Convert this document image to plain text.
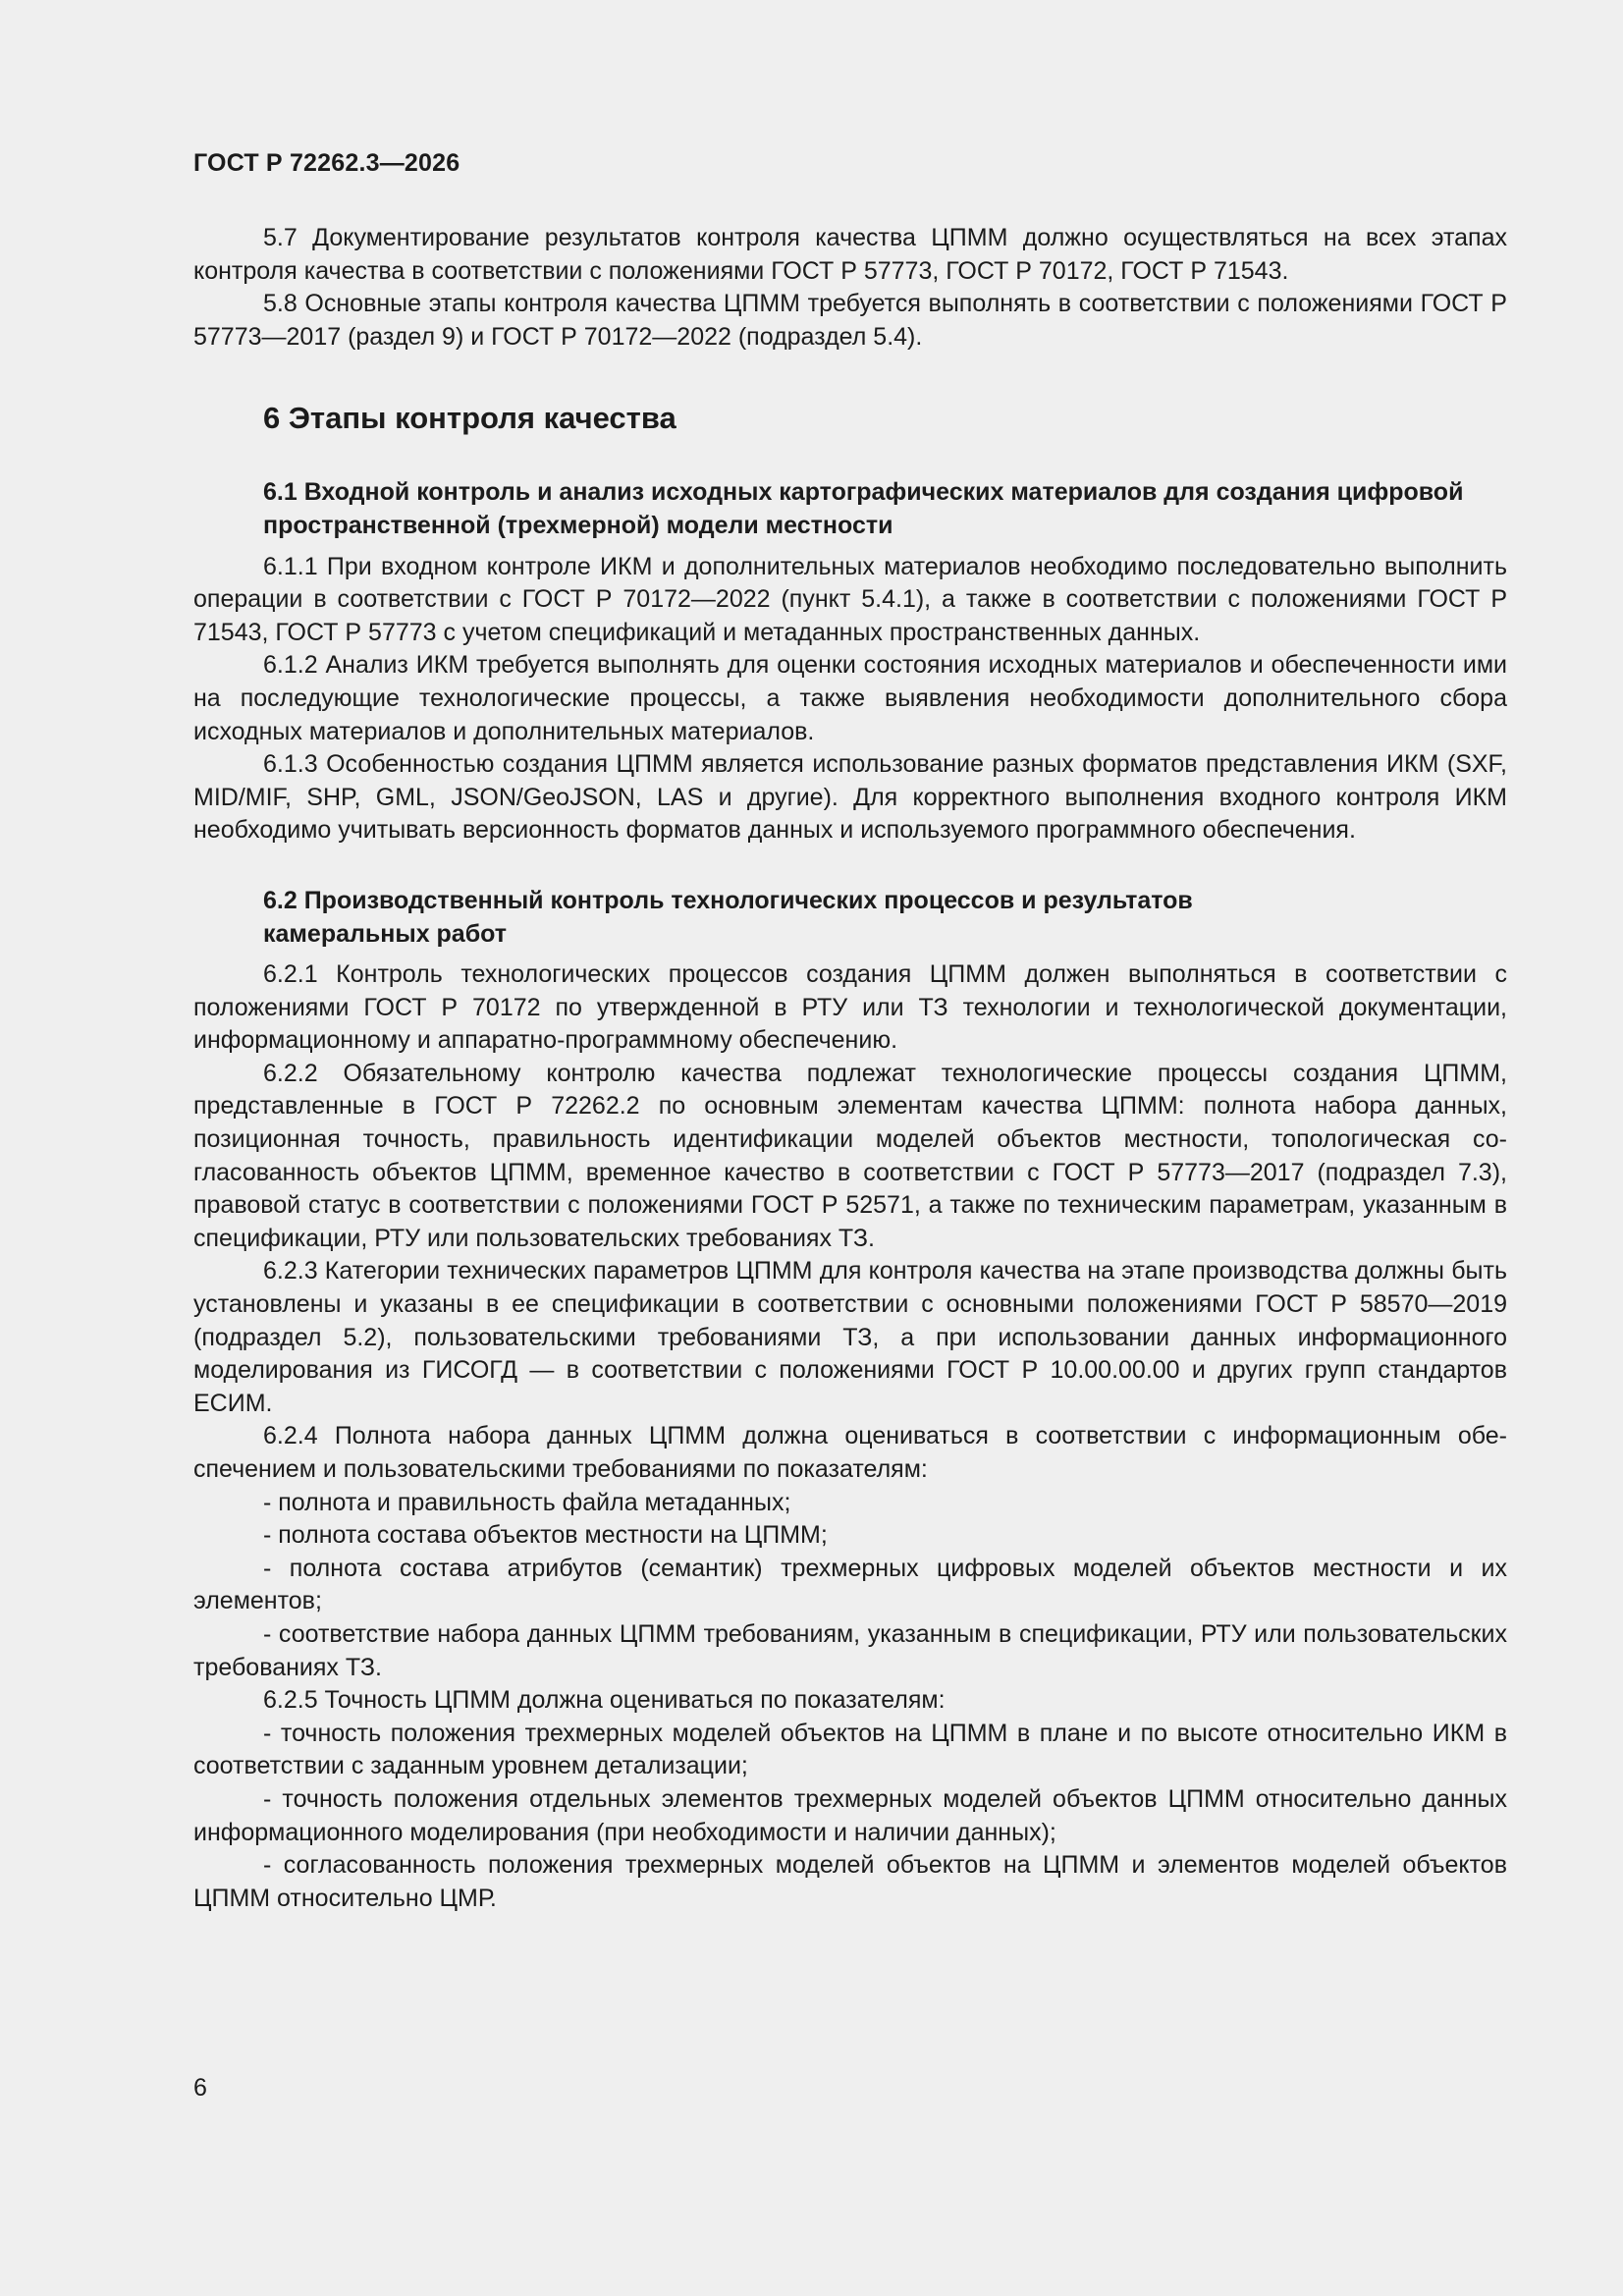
ГОСТ Р 72262.3—2026

5.7 Документирование результатов контроля качества ЦПММ должно осуществляться на всех этапах контроля качества в соответствии с положениями ГОСТ Р 57773, ГОСТ Р 70172, ГОСТ Р 71543.

5.8 Основные этапы контроля качества ЦПММ требуется выполнять в соответствии с положениями ГОСТ Р 57773—2017 (раздел 9) и ГОСТ Р 70172—2022 (подраздел 5.4).

6 Этапы контроля качества
6.1 Входной контроль и анализ исходных картографических материалов для создания цифровой пространственной (трехмерной) модели местности

6.1.1 При входном контроле ИКМ и дополнительных материалов необходимо последовательно выполнить операции в соответствии с ГОСТ Р 70172—2022 (пункт 5.4.1), а также в соответствии с положениями ГОСТ Р 71543, ГОСТ Р 57773 с учетом спецификаций и метаданных пространственных данных.

6.1.2 Анализ ИКМ требуется выполнять для оценки состояния исходных материалов и обеспеченности ими на последующие технологические процессы, а также выявления необходимости дополнительного сбора исходных материалов и дополнительных материалов.

6.1.3 Особенностью создания ЦПММ является использование разных форматов представления ИКМ (SXF, MID/MIF, SHP, GML, JSON/GeoJSON, LAS и другие). Для корректного выполнения входного контроля ИКМ необходимо учитывать версионность форматов данных и используемого программного обеспечения.

6.2 Производственный контроль технологических процессов и результатов
камеральных работ

6.2.1 Контроль технологических процессов создания ЦПММ должен выполняться в соответствии с положениями ГОСТ Р 70172 по утвержденной в РТУ или ТЗ технологии и технологической документации, информационному и аппаратно-программному обеспечению.

6.2.2 Обязательному контролю качества подлежат технологические процессы создания ЦПММ, представленные в ГОСТ Р 72262.2 по основным элементам качества ЦПММ: полнота набора данных, позиционная точность, правильность идентификации моделей объектов местности, топологическая согласованность объектов ЦПММ, временное качество в соответствии с ГОСТ Р 57773—2017 (подраздел 7.3), правовой статус в соответствии с положениями ГОСТ Р 52571, а также по техническим параметрам, указанным в спецификации, РТУ или пользовательских требованиях ТЗ.

6.2.3 Категории технических параметров ЦПММ для контроля качества на этапе производства должны быть установлены и указаны в ее спецификации в соответствии с основными положениями ГОСТ Р 58570—2019 (подраздел 5.2), пользовательскими требованиями ТЗ, а при использовании данных информационного моделирования из ГИСОГД — в соответствии с положениями ГОСТ Р 10.00.00.00 и других групп стандартов ЕСИМ.

6.2.4 Полнота набора данных ЦПММ должна оцениваться в соответствии с информационным обеспечением и пользовательскими требованиями по показателям:

- полнота и правильность файла метаданных;

- полнота состава объектов местности на ЦПММ;

- полнота состава атрибутов (семантик) трехмерных цифровых моделей объектов местности и их элементов;

- соответствие набора данных ЦПММ требованиям, указанным в спецификации, РТУ или пользовательских требованиях ТЗ.

6.2.5 Точность ЦПММ должна оцениваться по показателям:

- точность положения трехмерных моделей объектов на ЦПММ в плане и по высоте относительно ИКМ в соответствии с заданным уровнем детализации;

- точность положения отдельных элементов трехмерных моделей объектов ЦПММ относительно данных информационного моделирования (при необходимости и наличии данных);

- согласованность положения трехмерных моделей объектов на ЦПММ и элементов моделей объектов ЦПММ относительно ЦМР.

6
